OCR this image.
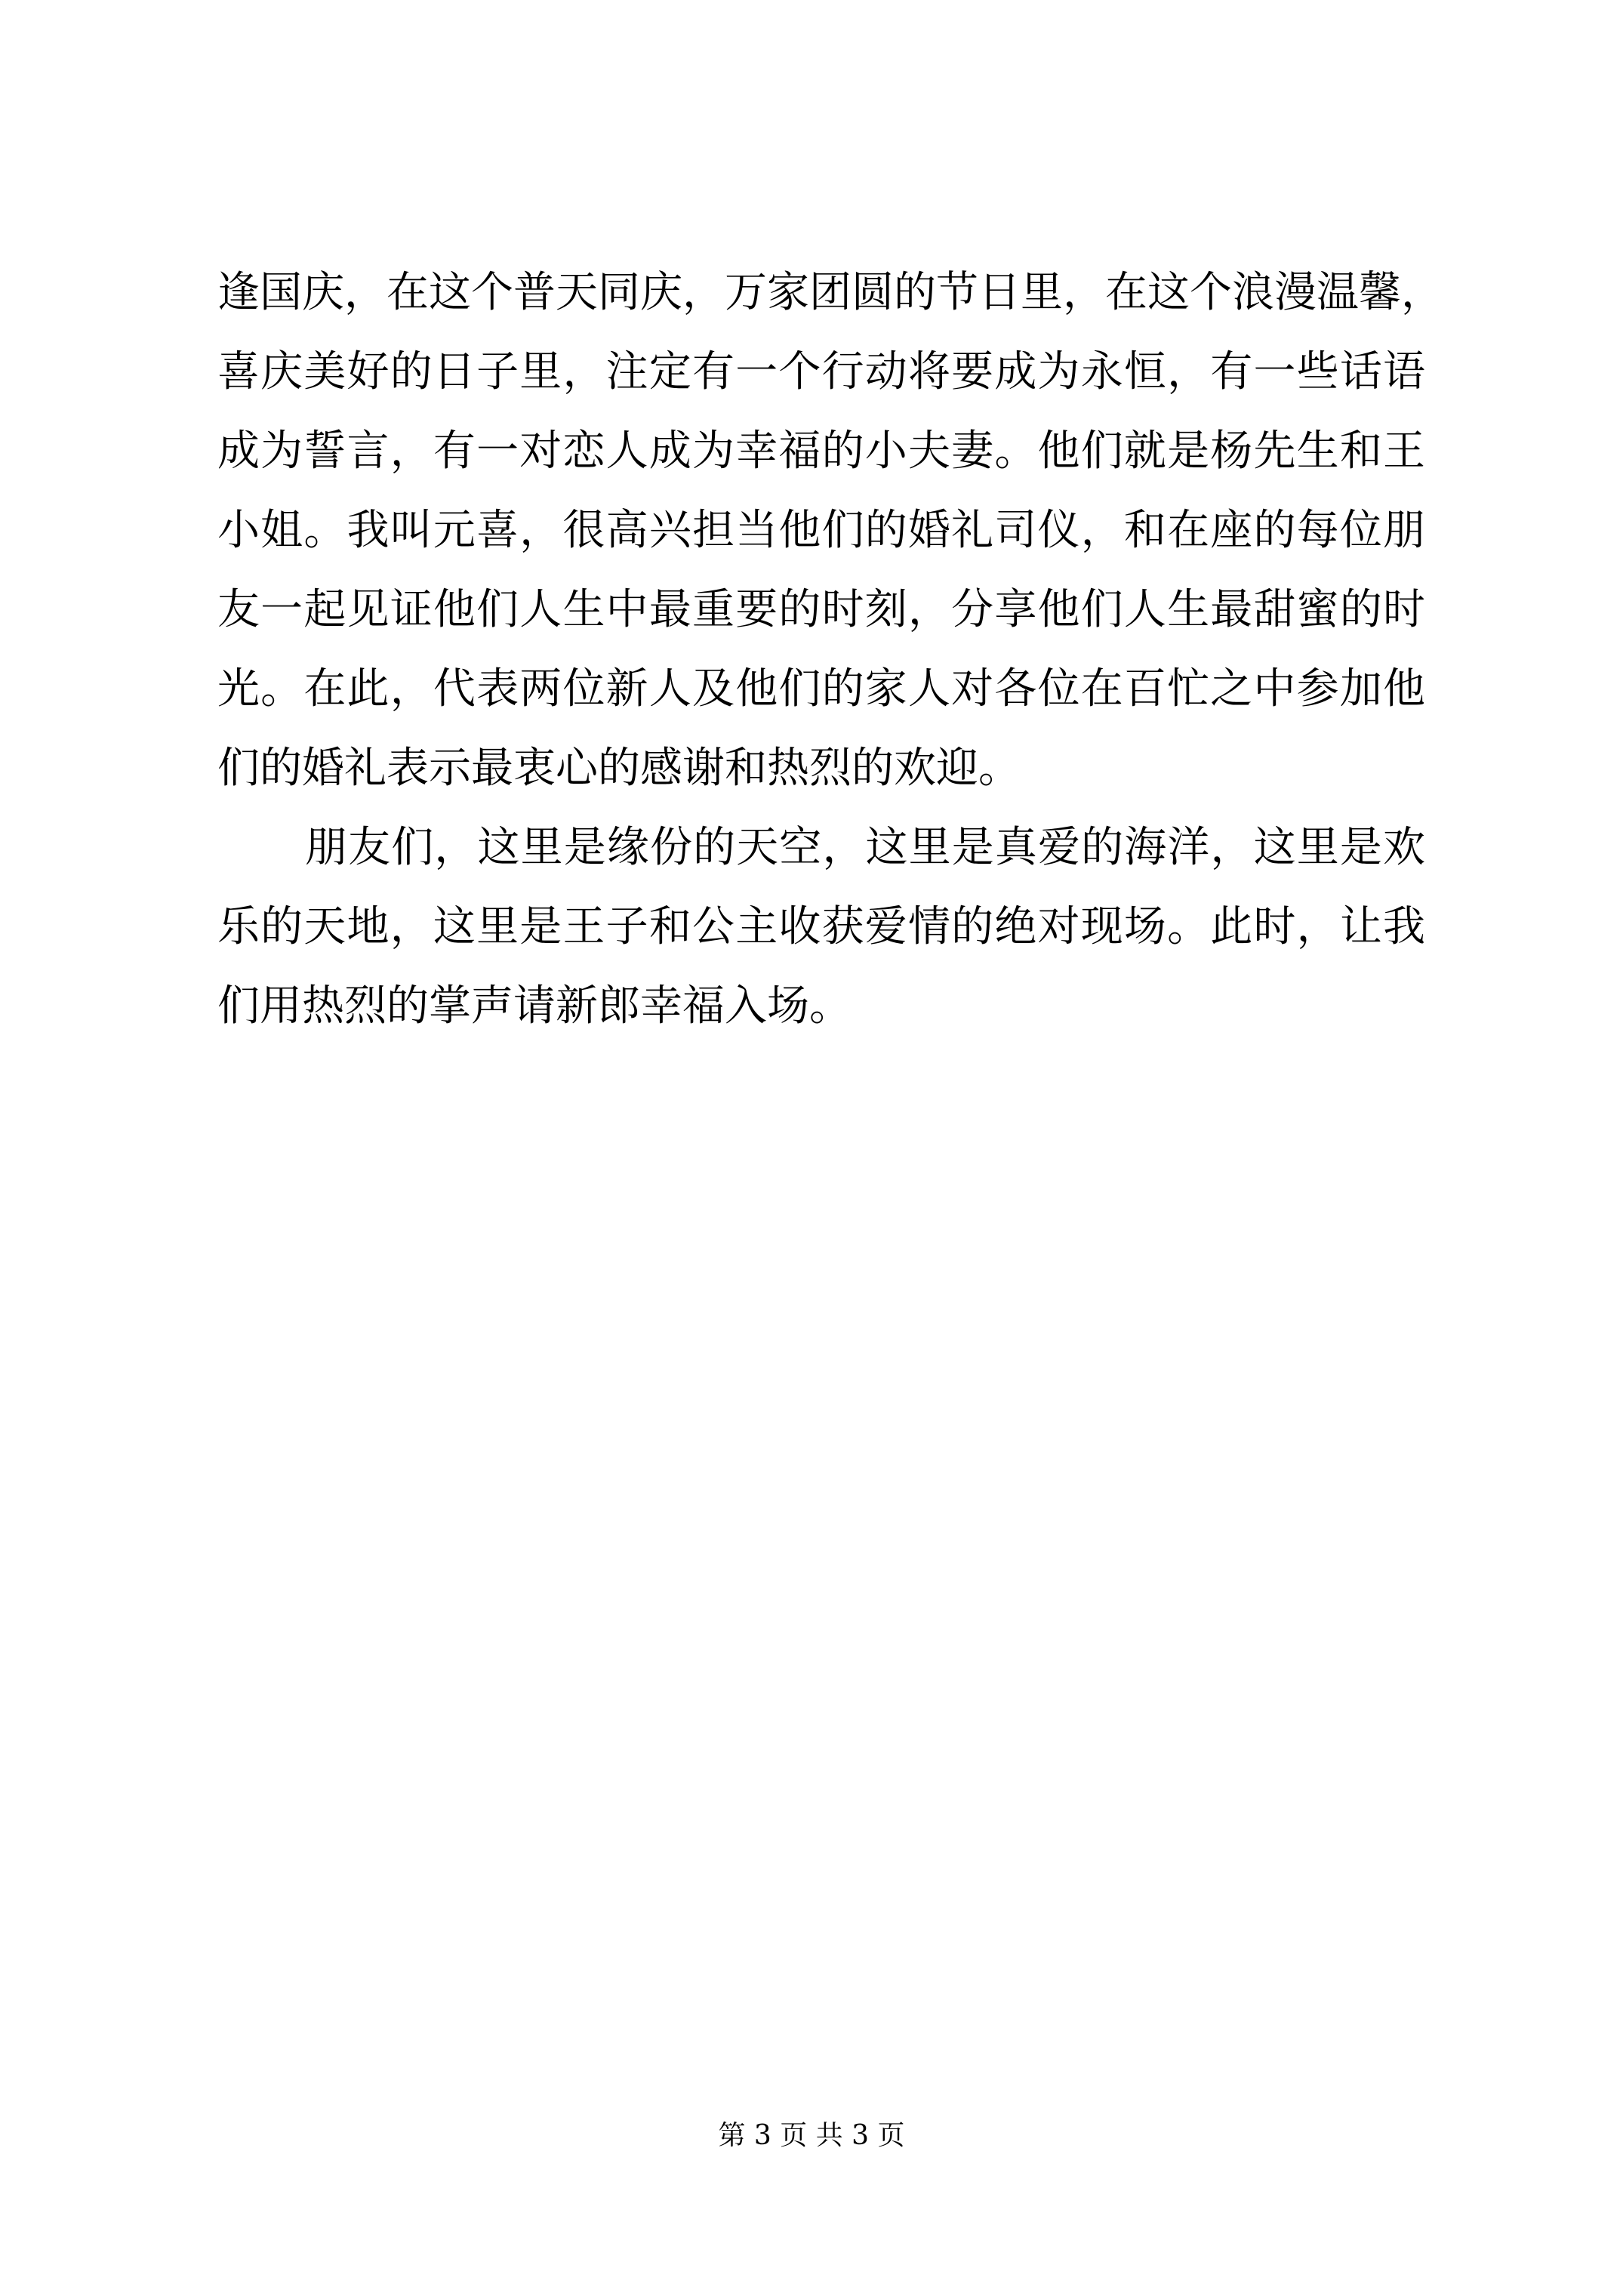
逢国庆，在这个普天同庆，万家团圆的节日里，在这个浪漫温馨，
喜庆美好的日子里，注定有一个行动将要成为永恒，有一些话语
成为誓言，有一对恋人成为幸福的小夫妻。他们就是杨先生和王
小姐。我叫元喜，很高兴担当他们的婚礼司仪，和在座的每位朋
友一起见证他们人生中最重要的时刻，分享他们人生最甜蜜的时
光。在此，代表两位新人及他们的家人对各位在百忙之中参加他
们的婚礼表示最衷心的感谢和热烈的欢迎。
朋友们，这里是缘份的天空，这里是真爱的海洋，这里是欢
乐的天地，这里是王子和公主收获爱情的绝对现场。此时，让我
们用热烈的掌声请新郎幸福入场。
第 3 页 共 3 页
